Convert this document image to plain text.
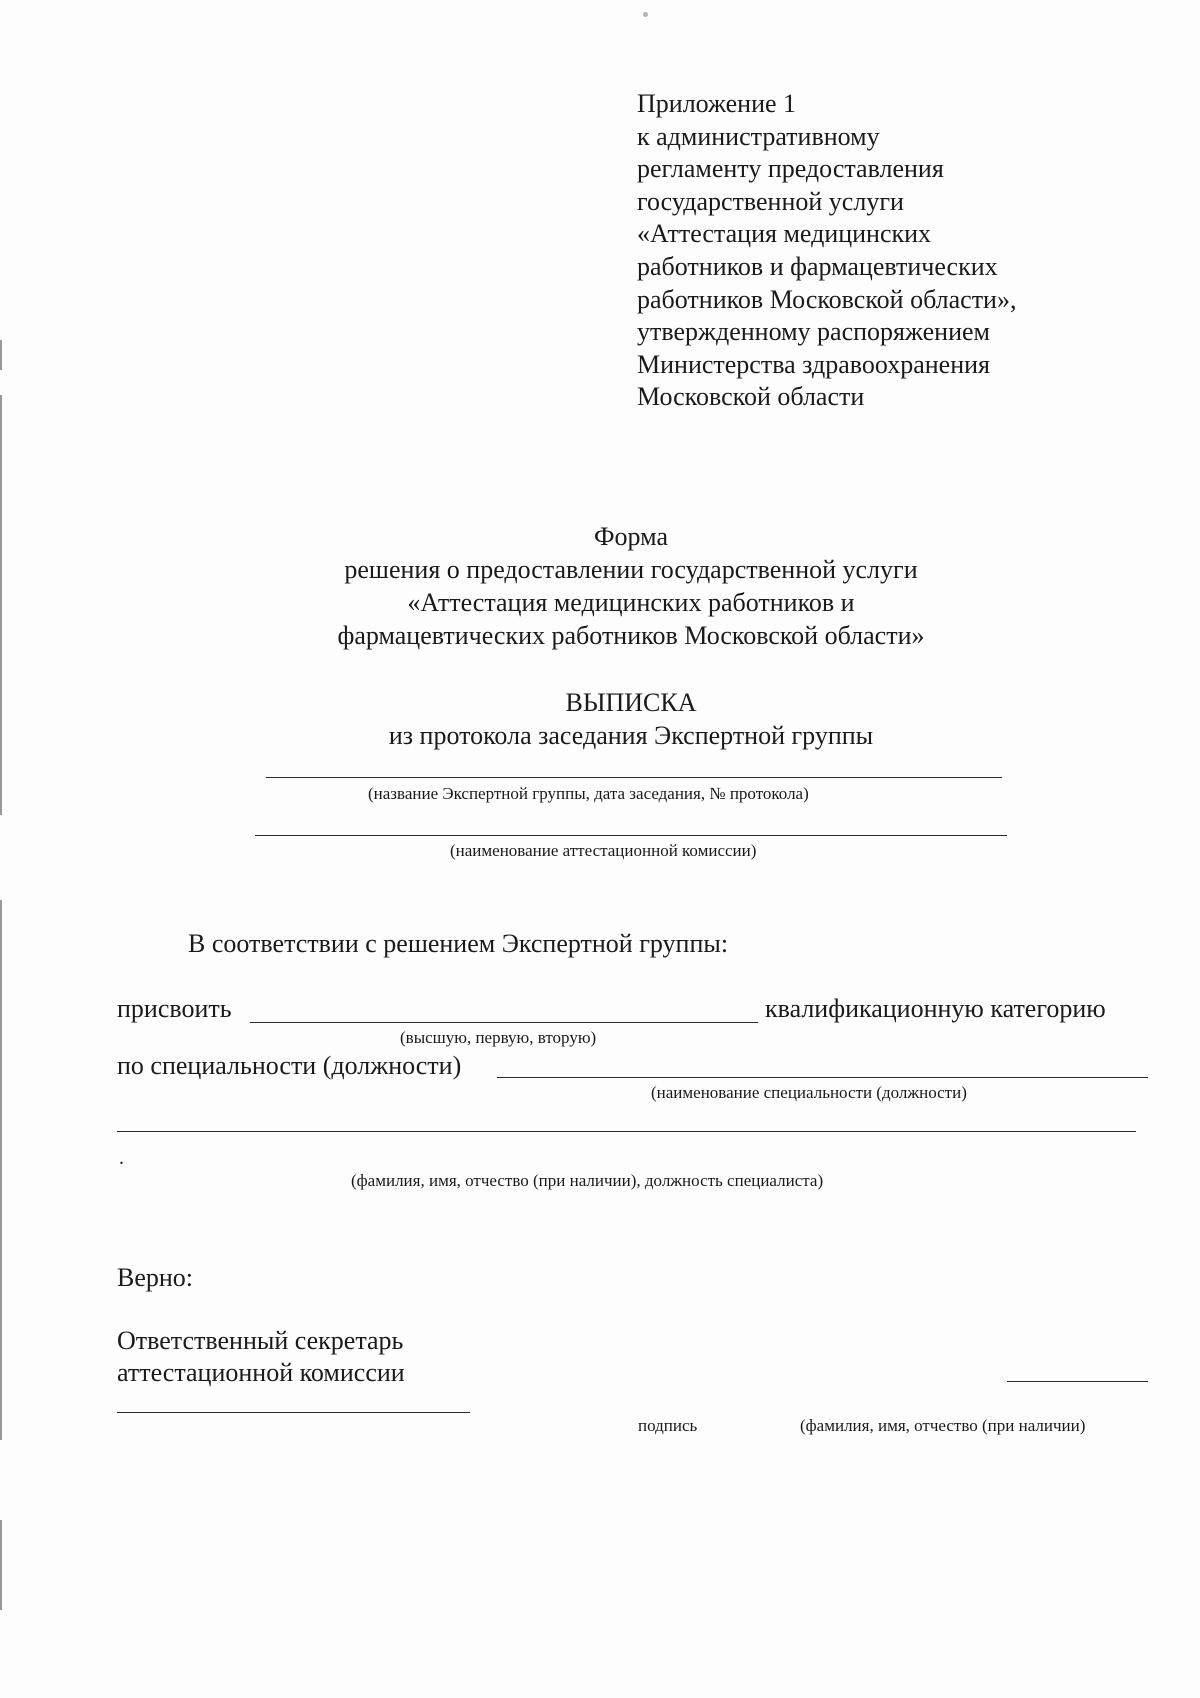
Приложение 1
к административному
регламенту предоставления
государственной услуги
«Аттестация медицинских
работников и фармацевтических
работников Московской области»,
утвержденному распоряжением
Министерства здравоохранения
Московской области
Форма
решения о предоставлении государственной услуги
«Аттестация медицинских работников и
фармацевтических работников Московской области»
ВЫПИСКА
из протокола заседания Экспертной группы
(название Экспертной группы, дата заседания, № протокола)
(наименование аттестационной комиссии)
В соответствии с решением Экспертной группы:
присвоить	квалификационную категорию
(высшую, первую, вторую)
по специальности (должности)
(наименование специальности (должности)
.
(фамилия, имя, отчество (при наличии), должность специалиста)
Верно:
Ответственный секретарь
аттестационной комиссии
подпись	(фамилия, имя, отчество (при наличии)
